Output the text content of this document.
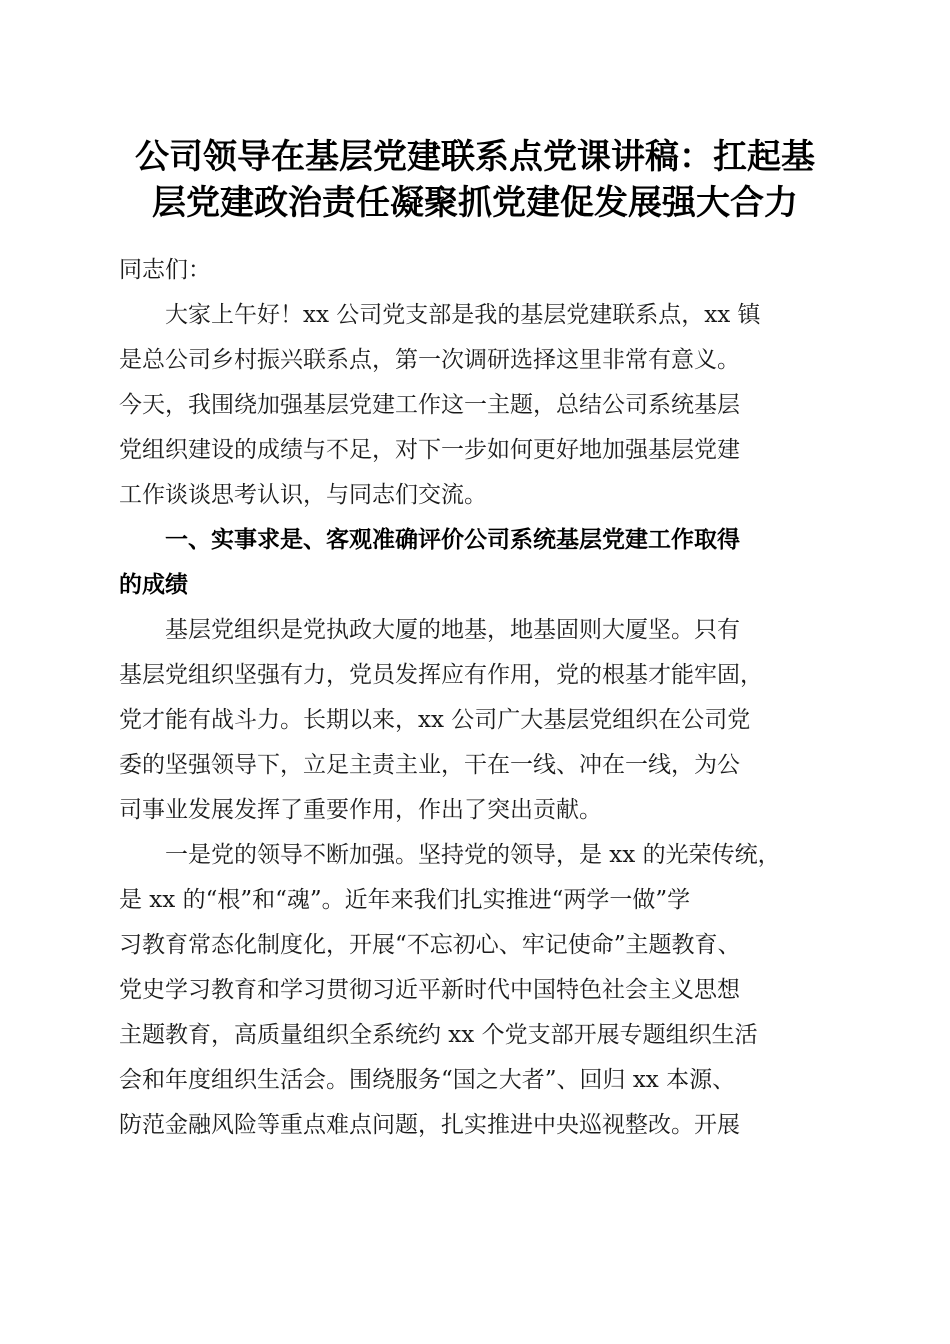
公司领导在基层党建联系点党课讲稿：扛起基
层党建政治责任凝聚抓党建促发展强大合力

同志们：

大家上午好！xx 公司党支部是我的基层党建联系点，xx 镇
是总公司乡村振兴联系点，第一次调研选择这里非常有意义。
今天，我围绕加强基层党建工作这一主题，总结公司系统基层
党组织建设的成绩与不足，对下一步如何更好地加强基层党建
工作谈谈思考认识，与同志们交流。

一、实事求是、客观准确评价公司系统基层党建工作取得
的成绩

基层党组织是党执政大厦的地基，地基固则大厦坚。只有
基层党组织坚强有力，党员发挥应有作用，党的根基才能牢固，
党才能有战斗力。长期以来，xx 公司广大基层党组织在公司党
委的坚强领导下，立足主责主业，干在一线、冲在一线，为公
司事业发展发挥了重要作用，作出了突出贡献。

一是党的领导不断加强。坚持党的领导，是 xx 的光荣传统，
是 xx 的“根”和“魂”。近年来我们扎实推进“两学一做”学
习教育常态化制度化，开展“不忘初心、牢记使命”主题教育、
党史学习教育和学习贯彻习近平新时代中国特色社会主义思想
主题教育，高质量组织全系统约 xx 个党支部开展专题组织生活
会和年度组织生活会。围绕服务“国之大者”、回归 xx 本源、
防范金融风险等重点难点问题，扎实推进中央巡视整改。开展
